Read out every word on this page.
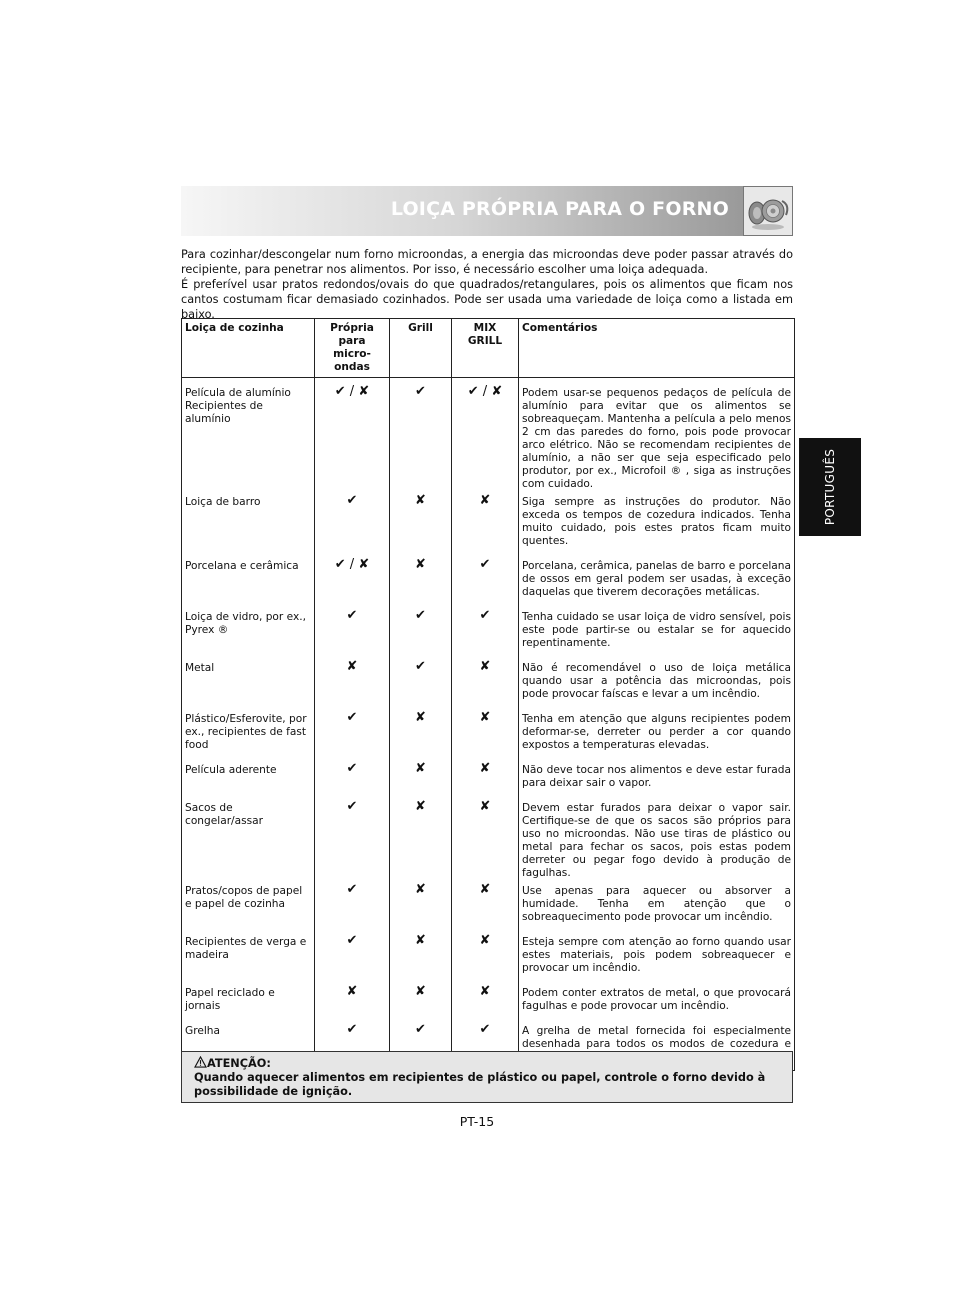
LOIÇA PRÓPRIA PARA O FORNO

Para cozinhar/descongelar num forno microondas, a energia das microondas deve poder passar através do recipiente, para penetrar nos alimentos. Por isso, é necessário escolher uma loiça adequada.

É preferível usar pratos redondos/ovais do que quadrados/retangulares, pois os alimentos que ficam nos cantos costumam ficar demasiado cozinhados. Pode ser usada uma variedade de loiça como a listada em baixo.

Loiça de cozinha	Própria para micro-ondas	Grill	MIX GRILL	Comentários
Película de alumínio Recipientes de alumínio	✔ / ✘	✔	✔ / ✘	Podem usar-se pequenos pedaços de película de alumínio para evitar que os alimentos se sobreaqueçam. Mantenha a película a pelo menos 2 cm das paredes do forno, pois pode provocar arco elétrico. Não se recomendam recipientes de alumínio, a não ser que seja especificado pelo produtor, por ex., Microfoil ® , siga as instruções com cuidado.
Loiça de barro	✔	✘	✘	Siga sempre as instruções do produtor. Não exceda os tempos de cozedura indicados. Tenha muito cuidado, pois estes pratos ficam muito quentes.
Porcelana e cerâmica	✔ / ✘	✘	✔	Porcelana, cerâmica, panelas de barro e porcelana de ossos em geral podem ser usadas, à exceção daquelas que tiverem decorações metálicas.
Loiça de vidro, por ex., Pyrex ®	✔	✔	✔	Tenha cuidado se usar loiça de vidro sensível, pois este pode partir-se ou estalar se for aquecido repentinamente.
Metal	✘	✔	✘	Não é recomendável o uso de loiça metálica quando usar a potência das microondas, pois pode provocar faíscas e levar a um incêndio.
Plástico/Esferovite, por ex., recipientes de fast food	✔	✘	✘	Tenha em atenção que alguns recipientes podem deformar-se, derreter ou perder a cor quando expostos a temperaturas elevadas.
Película aderente	✔	✘	✘	Não deve tocar nos alimentos e deve estar furada para deixar sair o vapor.
Sacos de congelar/assar	✔	✘	✘	Devem estar furados para deixar o vapor sair. Certifique-se de que os sacos são próprios para uso no microondas. Não use tiras de plástico ou metal para fechar os sacos, pois estas podem derreter ou pegar fogo devido à produção de fagulhas.
Pratos/copos de papel e papel de cozinha	✔	✘	✘	Use apenas para aquecer ou absorver a humidade. Tenha em atenção que o sobreaquecimento pode provocar um incêndio.
Recipientes de verga e madeira	✔	✘	✘	Esteja sempre com atenção ao forno quando usar estes materiais, pois podem sobreaquecer e provocar um incêndio.
Papel reciclado e jornais	✘	✘	✘	Podem conter extratos de metal, o que provocará fagulhas e pode provocar um incêndio.
Grelha	✔	✔	✔	A grelha de metal fornecida foi especialmente desenhada para todos os modos de cozedura e
PORTUGUÊS
ATENÇÃO:
Quando aquecer alimentos em recipientes de plástico ou papel, controle o forno devido à possibilidade de ignição.
PT-15
